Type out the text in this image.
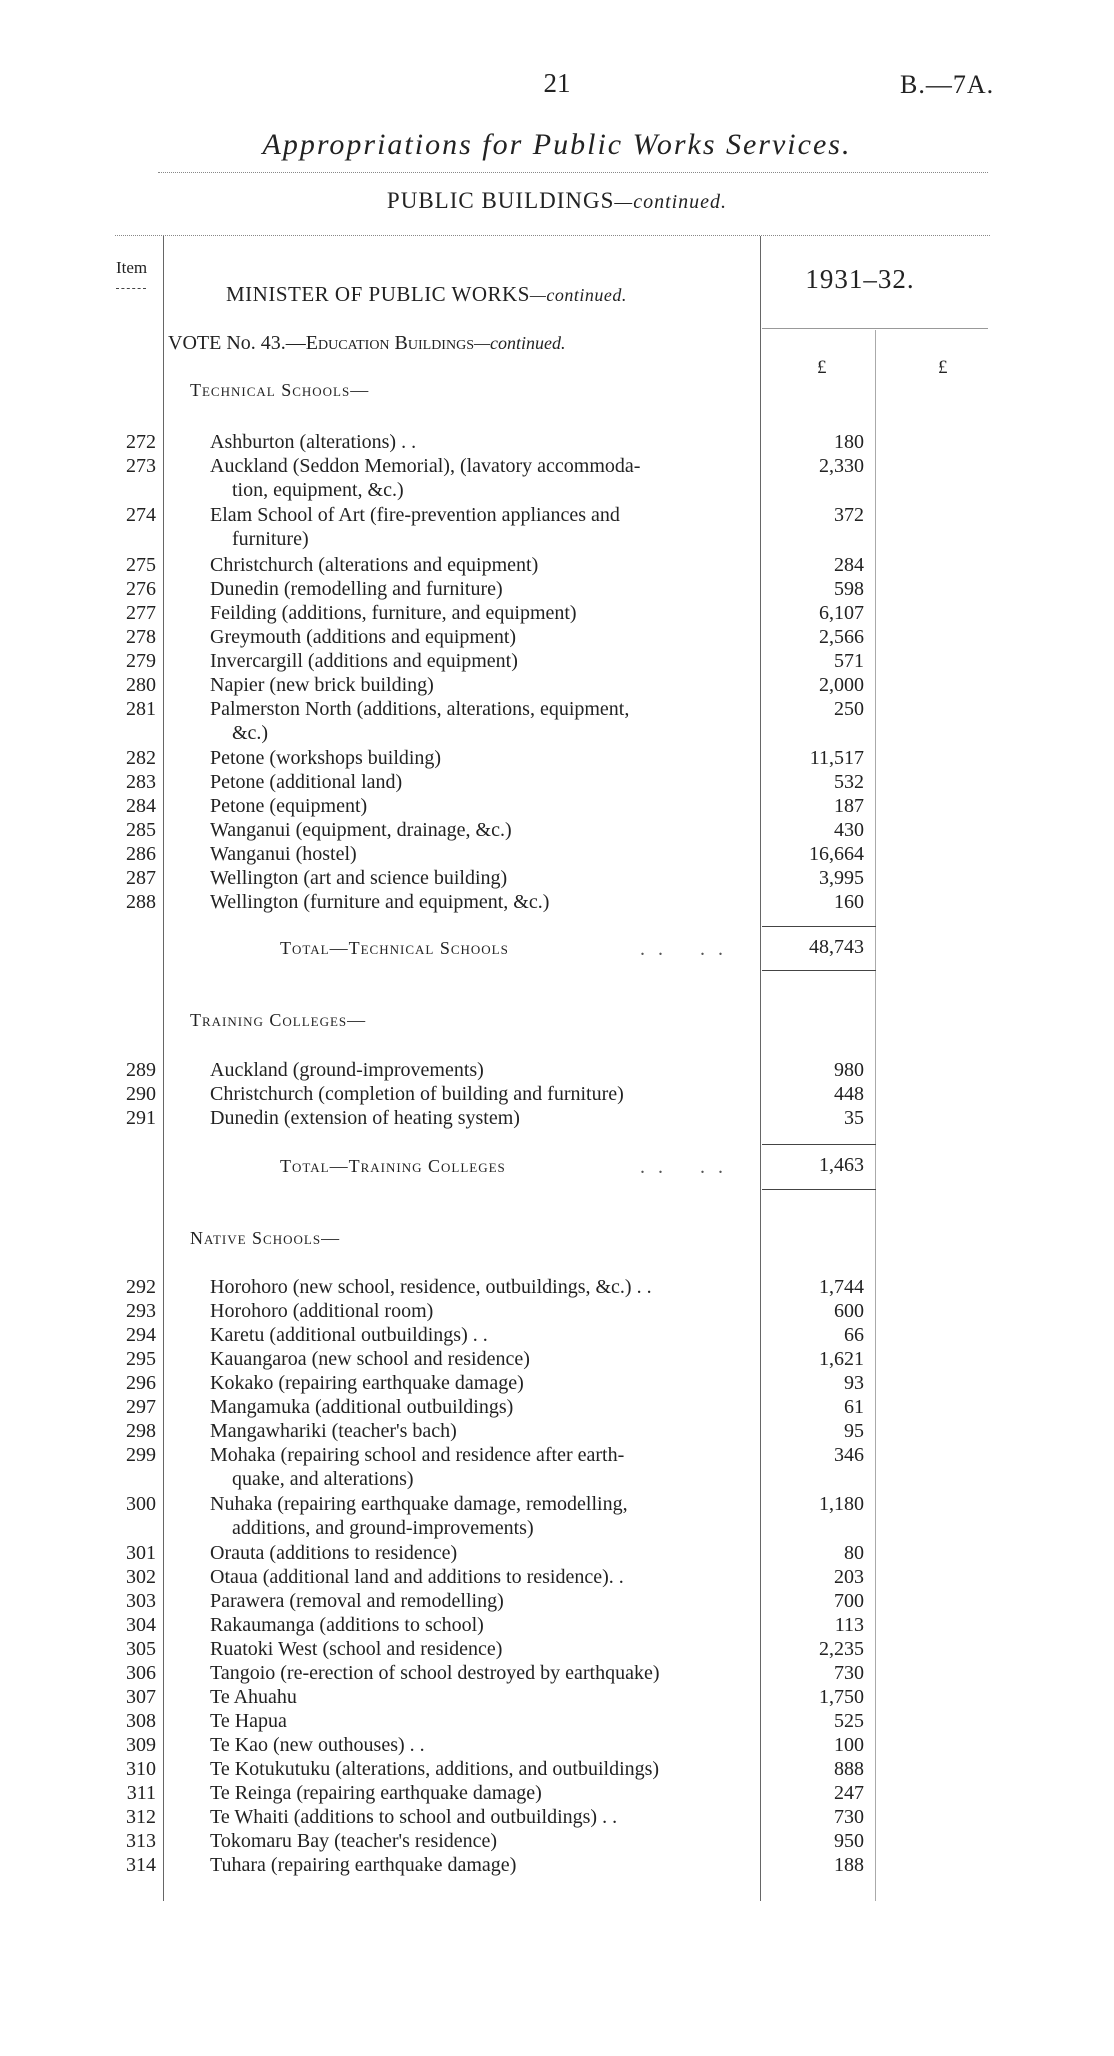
21	B.—7A.
Appropriations for Public Works Services.
PUBLIC BUILDINGS—continued.
Item
MINISTER OF PUBLIC WORKS—continued.
1931–32.
VOTE No. 43.—Education Buildings—continued.
£	£
Technical Schools—
272	Ashburton (alterations) . .	180
273	Auckland (Seddon Memorial), (lavatory accommoda-	2,330
tion, equipment, &c.)
274	Elam School of Art (fire-prevention appliances and	372
furniture)
275	Christchurch (alterations and equipment)	284
276	Dunedin (remodelling and furniture)	598
277	Feilding (additions, furniture, and equipment)	6,107
278	Greymouth (additions and equipment)	2,566
279	Invercargill (additions and equipment)	571
280	Napier (new brick building)	2,000
281	Palmerston North (additions, alterations, equipment,	250
&c.)
282	Petone (workshops building)	11,517
283	Petone (additional land)	532
284	Petone (equipment)	187
285	Wanganui (equipment, drainage, &c.)	430
286	Wanganui (hostel)	16,664
287	Wellington (art and science building)	3,995
288	Wellington (furniture and equipment, &c.)	160
Total—Technical Schools	. .  . .	48,743
Training Colleges—
289	Auckland (ground-improvements)	980
290	Christchurch (completion of building and furniture)	448
291	Dunedin (extension of heating system)	35
Total—Training Colleges	. .  . .	1,463
Native Schools—
292	Horohoro (new school, residence, outbuildings, &c.) . .	1,744
293	Horohoro (additional room)	600
294	Karetu (additional outbuildings) . .	66
295	Kauangaroa (new school and residence)	1,621
296	Kokako (repairing earthquake damage)	93
297	Mangamuka (additional outbuildings)	61
298	Mangawhariki (teacher's bach)	95
299	Mohaka (repairing school and residence after earth-	346
quake, and alterations)
300	Nuhaka (repairing earthquake damage, remodelling,	1,180
additions, and ground-improvements)
301	Orauta (additions to residence)	80
302	Otaua (additional land and additions to residence). .	203
303	Parawera (removal and remodelling)	700
304	Rakaumanga (additions to school)	113
305	Ruatoki West (school and residence)	2,235
306	Tangoio (re-erection of school destroyed by earthquake)	730
307	Te Ahuahu	1,750
308	Te Hapua	525
309	Te Kao (new outhouses) . .	100
310	Te Kotukutuku (alterations, additions, and outbuildings)	888
311	Te Reinga (repairing earthquake damage)	247
312	Te Whaiti (additions to school and outbuildings) . .	730
313	Tokomaru Bay (teacher's residence)	950
314	Tuhara (repairing earthquake damage)	188
